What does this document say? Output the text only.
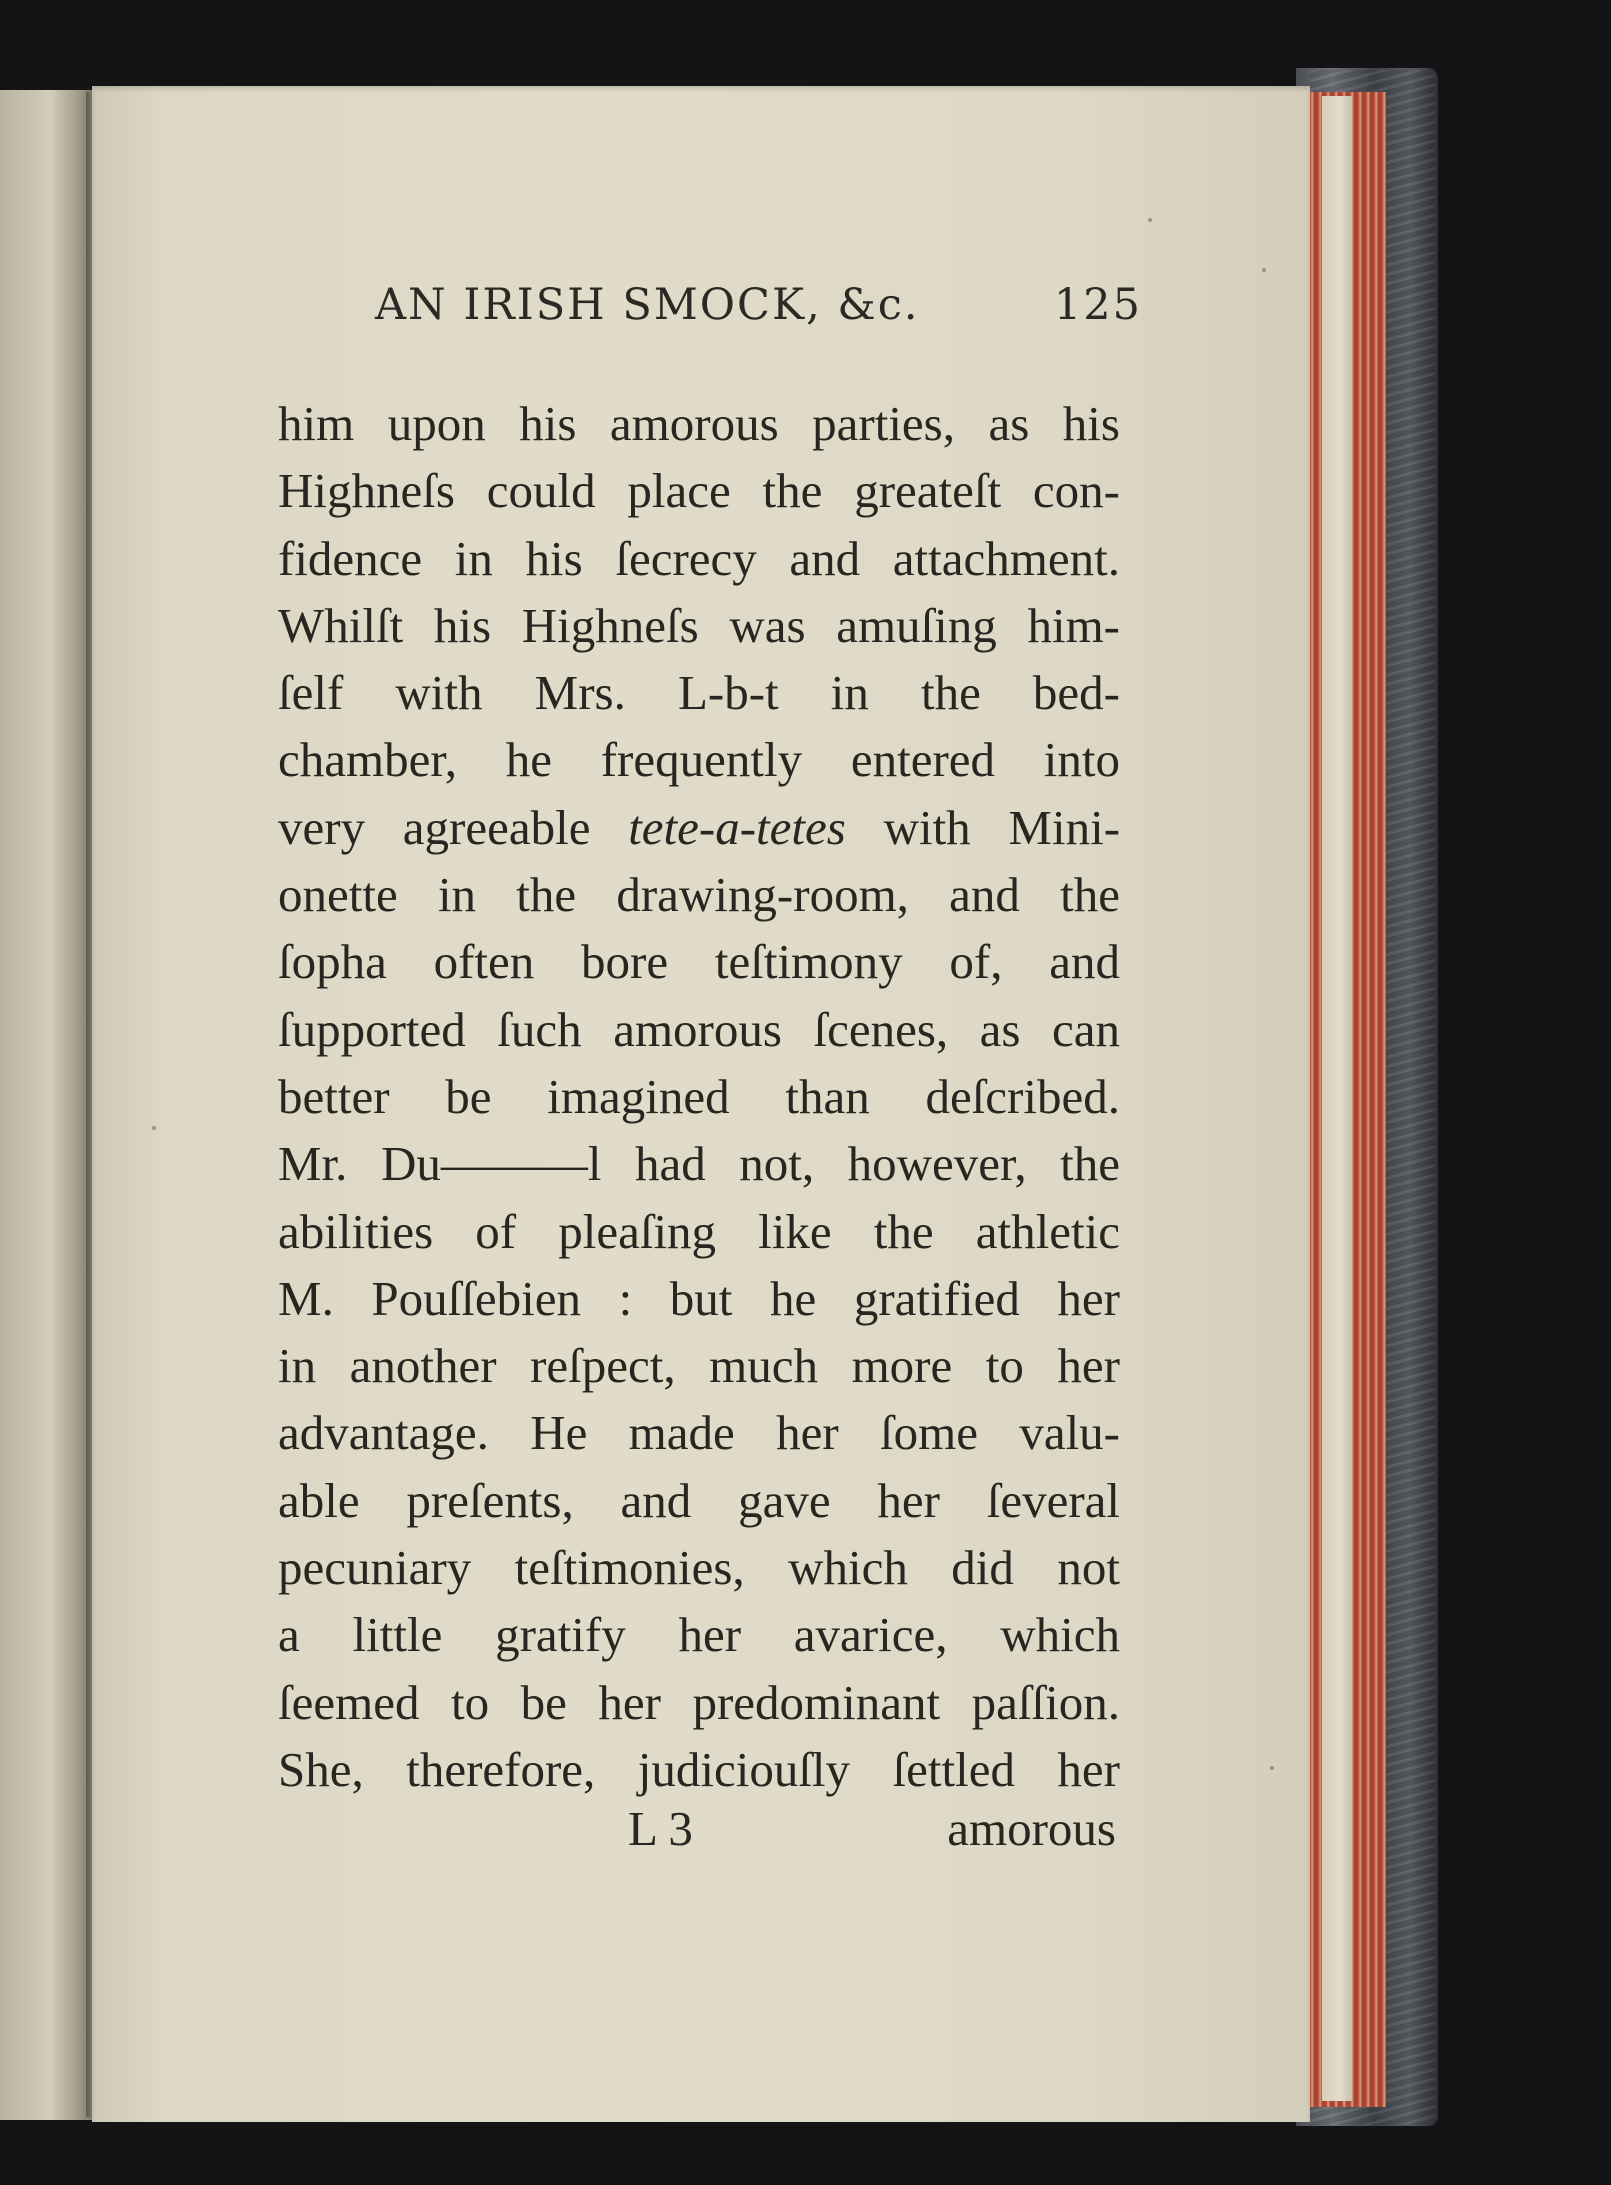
AN IRISH SMOCK, &c.	125
him upon his amorous parties, as his
Highneſs could place the greateſt con-
fidence in his ſecrecy and attachment.
Whilſt his Highneſs was amuſing him-
ſelf with Mrs. L-b-t in the bed-
chamber, he frequently entered into
very agreeable tete-a-tetes with Mini-
onette in the drawing-room, and the
ſopha often bore teſtimony of, and
ſupported ſuch amorous ſcenes, as can
better be imagined than deſcribed.
Mr. Du———l had not, however, the
abilities of pleaſing like the athletic
M. Pouſſebien : but he gratified her
in another reſpect, much more to her
advantage. He made her ſome valu-
able preſents, and gave her ſeveral
pecuniary teſtimonies, which did not
a little gratify her avarice, which
ſeemed to be her predominant paſſion.
She, therefore, judiciouſly ſettled her
L 3	amorous
